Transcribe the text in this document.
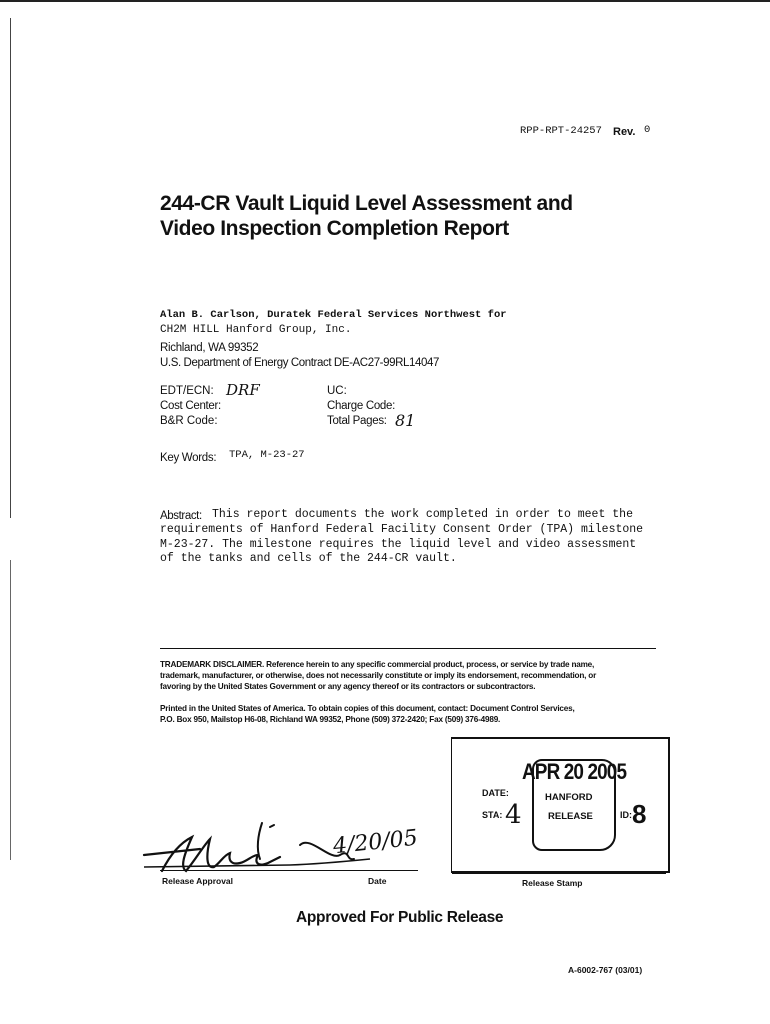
RPP-RPT-24257 Rev. 0
244-CR Vault Liquid Level Assessment and
Video Inspection Completion Report
Alan B. Carlson, Duratek Federal Services Northwest for
CH2M HILL Hanford Group, Inc.
Richland, WA 99352
U.S. Department of Energy Contract DE-AC27-99RL14047
EDT/ECN: DRF	UC:
Cost Center:	Charge Code:
B&R Code:	Total Pages: 81
Key Words: TPA, M-23-27
Abstract: This report documents the work completed in order to meet the
requirements of Hanford Federal Facility Consent Order (TPA) milestone
M-23-27. The milestone requires the liquid level and video assessment
of the tanks and cells of the 244-CR vault.
TRADEMARK DISCLAIMER. Reference herein to any specific commercial product, process, or service by trade name,
trademark, manufacturer, or otherwise, does not necessarily constitute or imply its endorsement, recommendation, or
favoring by the United States Government or any agency thereof or its contractors or subcontractors.
Printed in the United States of America. To obtain copies of this document, contact: Document Control Services,
P.O. Box 950, Mailstop H6-08, Richland WA 99352, Phone (509) 372-2420; Fax (509) 376-4989.
DATE:
APR 20 2005
HANFORD
RELEASE
STA: 4	ID: 8
4/20/05
Release Approval	Date	Release Stamp
Approved For Public Release
A-6002-767 (03/01)
